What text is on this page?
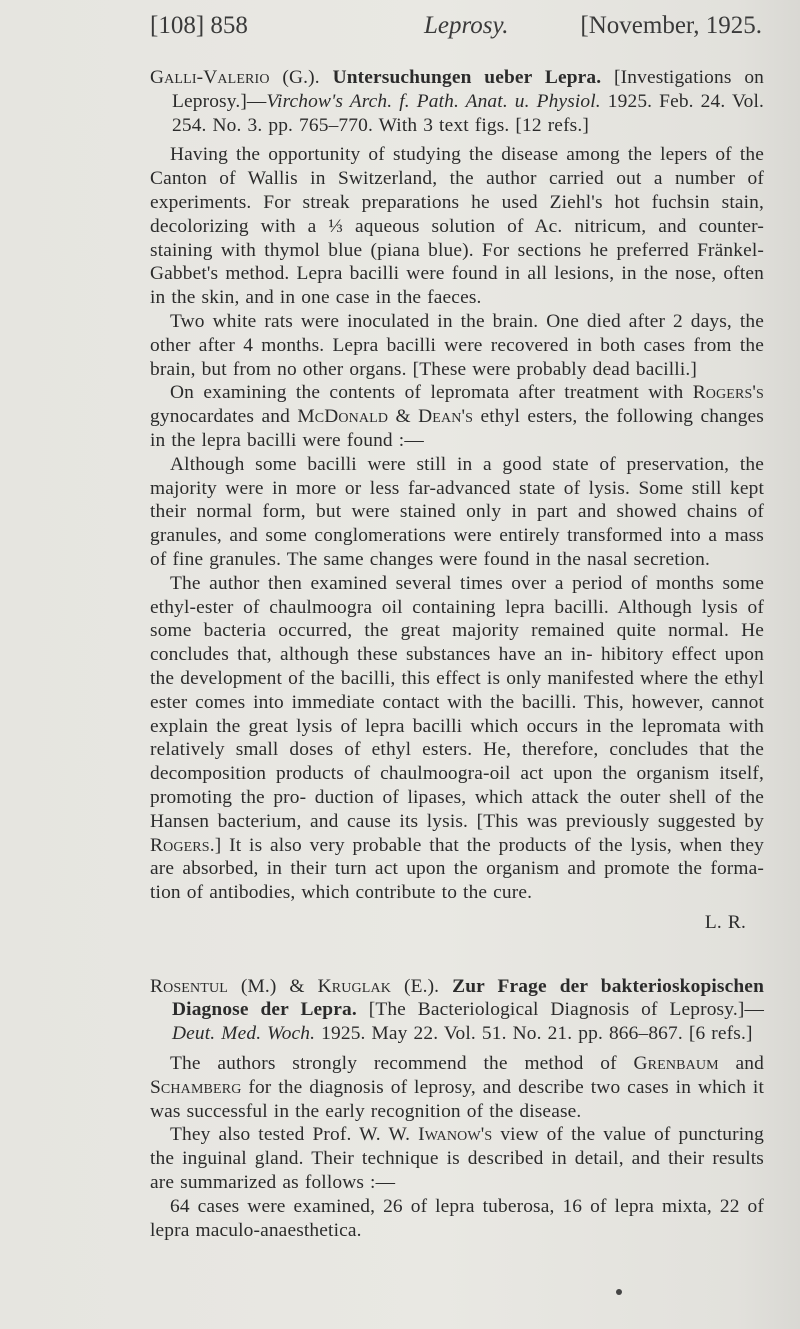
[108] 858	Leprosy.	[November, 1925.

Galli-Valerio (G.). Untersuchungen ueber Lepra. [Investigations on Leprosy.]—Virchow's Arch. f. Path. Anat. u. Physiol. 1925. Feb. 24. Vol. 254. No. 3. pp. 765–770. With 3 text figs. [12 refs.]

Having the opportunity of studying the disease among the lepers of the Canton of Wallis in Switzerland, the author carried out a number of experiments. For streak preparations he used Ziehl's hot fuchsin stain, decolorizing with a ⅓ aqueous solution of Ac. nitricum, and counter- staining with thymol blue (piana blue). For sections he preferred Fränkel-Gabbet's method. Lepra bacilli were found in all lesions, in the nose, often in the skin, and in one case in the faeces.

Two white rats were inoculated in the brain. One died after 2 days, the other after 4 months. Lepra bacilli were recovered in both cases from the brain, but from no other organs. [These were probably dead bacilli.]

On examining the contents of lepromata after treatment with Rogers's gynocardates and McDonald & Dean's ethyl esters, the following changes in the lepra bacilli were found :—

Although some bacilli were still in a good state of preservation, the majority were in more or less far-advanced state of lysis. Some still kept their normal form, but were stained only in part and showed chains of granules, and some conglomerations were entirely transformed into a mass of fine granules. The same changes were found in the nasal secretion.

The author then examined several times over a period of months some ethyl-ester of chaulmoogra oil containing lepra bacilli. Although lysis of some bacteria occurred, the great majority remained quite normal. He concludes that, although these substances have an in- hibitory effect upon the development of the bacilli, this effect is only manifested where the ethyl ester comes into immediate contact with the bacilli. This, however, cannot explain the great lysis of lepra bacilli which occurs in the lepromata with relatively small doses of ethyl esters. He, therefore, concludes that the decomposition products of chaulmoogra-oil act upon the organism itself, promoting the pro- duction of lipases, which attack the outer shell of the Hansen bacterium, and cause its lysis. [This was previously suggested by Rogers.] It is also very probable that the products of the lysis, when they are absorbed, in their turn act upon the organism and promote the forma- tion of antibodies, which contribute to the cure.

L. R.

Rosentul (M.) & Kruglak (E.). Zur Frage der bakterioskopischen Diagnose der Lepra. [The Bacteriological Diagnosis of Leprosy.]—Deut. Med. Woch. 1925. May 22. Vol. 51. No. 21. pp. 866–867. [6 refs.]

The authors strongly recommend the method of Grenbaum and Schamberg for the diagnosis of leprosy, and describe two cases in which it was successful in the early recognition of the disease.

They also tested Prof. W. W. Iwanow's view of the value of puncturing the inguinal gland. Their technique is described in detail, and their results are summarized as follows :—

64 cases were examined, 26 of lepra tuberosa, 16 of lepra mixta, 22 of lepra maculo-anaesthetica.
